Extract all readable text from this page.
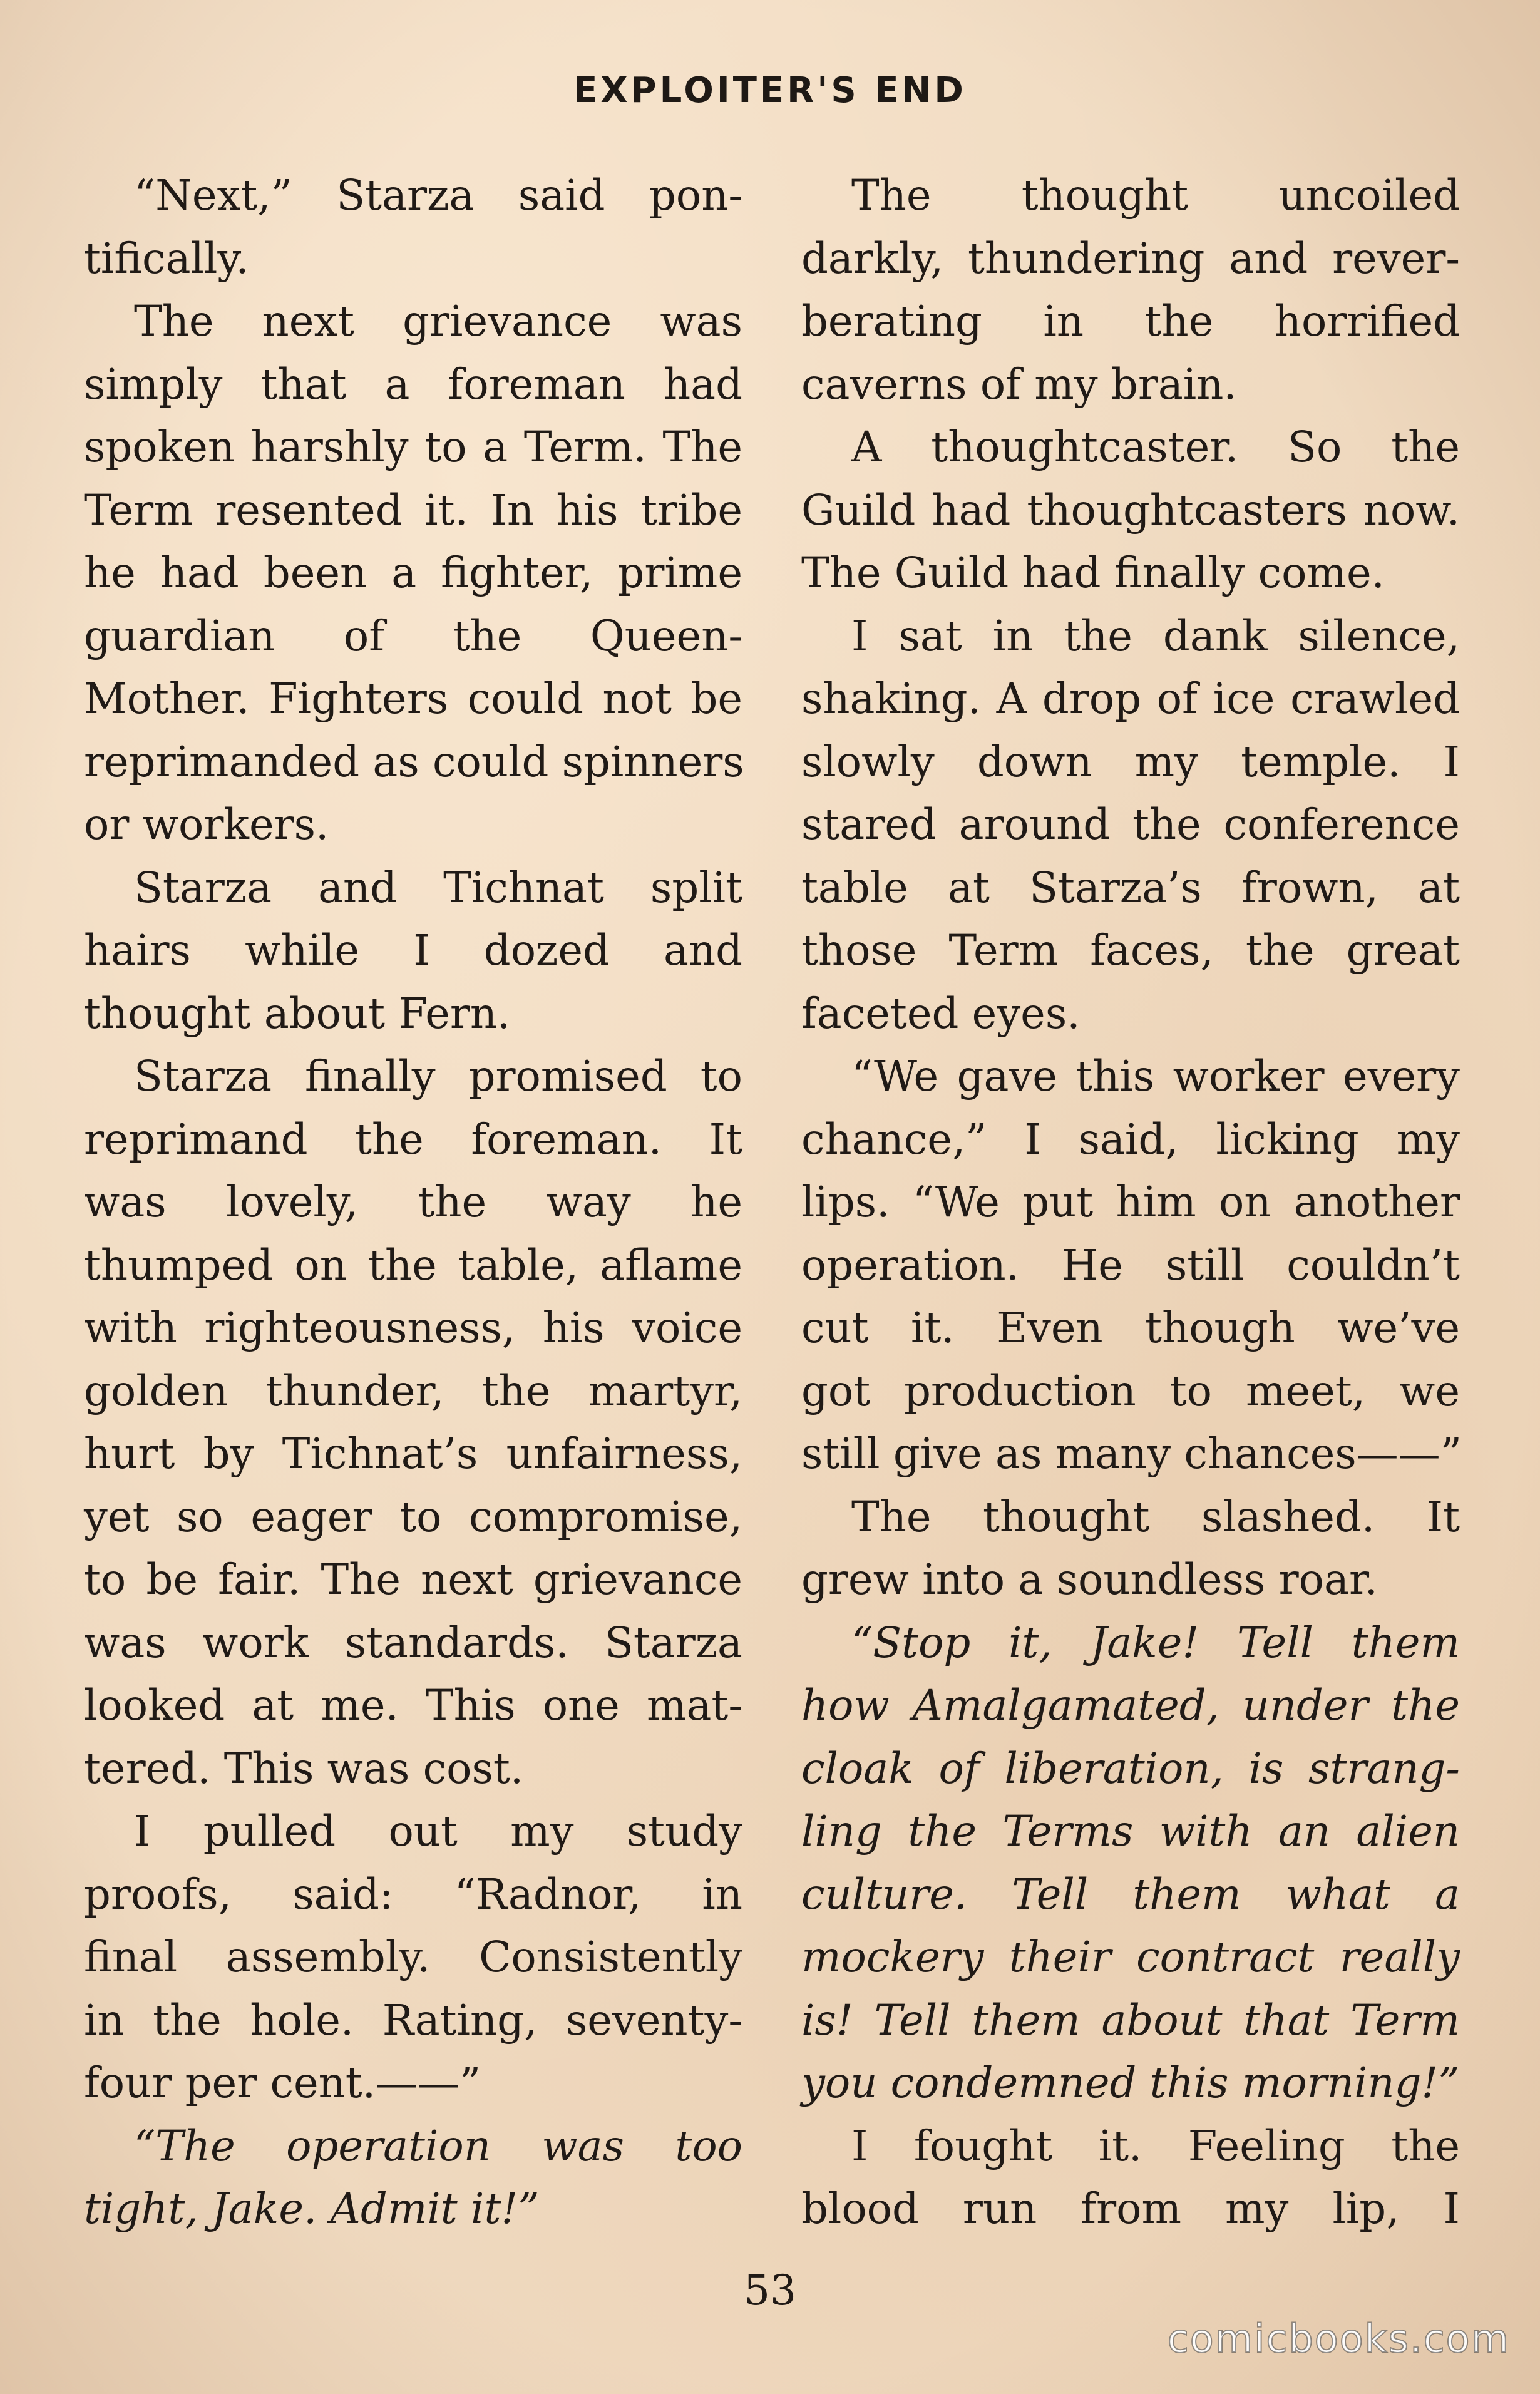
EXPLOITER'S END
“Next,” Starza said pon-
tifically.
The next grievance was
simply that a foreman had
spoken harshly to a Term. The
Term resented it. In his tribe
he had been a fighter, prime
guardian of the Queen-
Mother. Fighters could not be
reprimanded as could spinners
or workers.
Starza and Tichnat split
hairs while I dozed and
thought about Fern.
Starza finally promised to
reprimand the foreman. It
was lovely, the way he
thumped on the table, aflame
with righteousness, his voice
golden thunder, the martyr,
hurt by Tichnat’s unfairness,
yet so eager to compromise,
to be fair. The next grievance
was work standards. Starza
looked at me. This one mat-
tered. This was cost.
I pulled out my study
proofs, said: “Radnor, in
final assembly. Consistently
in the hole. Rating, seventy-
four per cent.——”
“The operation was too
tight, Jake. Admit it!”
The thought uncoiled
darkly, thundering and rever-
berating in the horrified
caverns of my brain.
A thoughtcaster. So the
Guild had thoughtcasters now.
The Guild had finally come.
I sat in the dank silence,
shaking. A drop of ice crawled
slowly down my temple. I
stared around the conference
table at Starza’s frown, at
those Term faces, the great
faceted eyes.
“We gave this worker every
chance,” I said, licking my
lips. “We put him on another
operation. He still couldn’t
cut it. Even though we’ve
got production to meet, we
still give as many chances——”
The thought slashed. It
grew into a soundless roar.
“Stop it, Jake! Tell them
how Amalgamated, under the
cloak of liberation, is strang-
ling the Terms with an alien
culture. Tell them what a
mockery their contract really
is! Tell them about that Term
you condemned this morning!”
I fought it. Feeling the
blood run from my lip, I
53
comicbooks.com
